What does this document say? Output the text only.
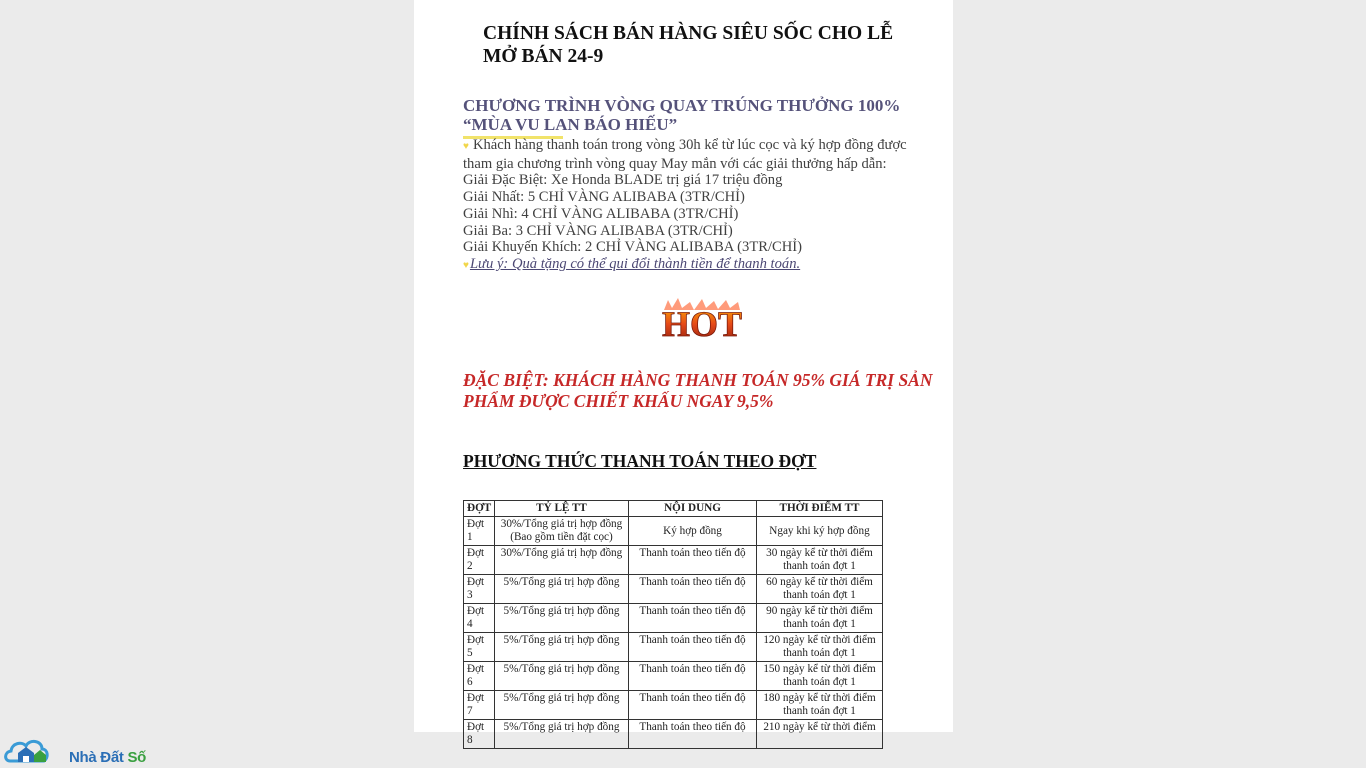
CHÍNH SÁCH BÁN HÀNG SIÊU SỐC CHO LỄ MỞ BÁN 24-9
CHƯƠNG TRÌNH VÒNG QUAY TRÚNG THƯỞNG 100% “MÙA VU LAN BÁO HIẾU”

♥ Khách hàng thanh toán trong vòng 30h kể từ lúc cọc và ký hợp đồng được tham gia chương trình vòng quay May mắn với các giải thưởng hấp dẫn:

Giải Đặc Biệt: Xe Honda BLADE trị giá 17 triệu đồng

Giải Nhất: 5 CHỈ VÀNG ALIBABA (3TR/CHỈ)

Giải Nhì: 4 CHỈ VÀNG ALIBABA (3TR/CHỈ)

Giải Ba: 3 CHỈ VÀNG ALIBABA (3TR/CHỈ)

Giải Khuyến Khích: 2 CHỈ VÀNG ALIBABA (3TR/CHỈ)

♥Lưu ý: Quà tặng có thể qui đổi thành tiền để thanh toán.

HOT
ĐẶC BIỆT: KHÁCH HÀNG THANH TOÁN 95% GIÁ TRỊ SẢN PHẨM ĐƯỢC CHIẾT KHẤU NGAY 9,5%
PHƯƠNG THỨC THANH TOÁN THEO ĐỢT
ĐỢT	TỶ LỆ TT	NỘI DUNG	THỜI ĐIỂM TT
Đợt 1	30%/Tổng giá trị hợp đồng (Bao gồm tiền đặt cọc)	Ký hợp đồng	Ngay khi ký hợp đồng
Đợt 2	30%/Tổng giá trị hợp đồng	Thanh toán theo tiến độ	30 ngày kể từ thời điểm thanh toán đợt 1
Đợt 3	5%/Tổng giá trị hợp đồng	Thanh toán theo tiến độ	60 ngày kể từ thời điểm thanh toán đợt 1
Đợt 4	5%/Tổng giá trị hợp đồng	Thanh toán theo tiến độ	90 ngày kể từ thời điểm thanh toán đợt 1
Đợt 5	5%/Tổng giá trị hợp đồng	Thanh toán theo tiến độ	120 ngày kể từ thời điểm thanh toán đợt 1
Đợt 6	5%/Tổng giá trị hợp đồng	Thanh toán theo tiến độ	150 ngày kể từ thời điểm thanh toán đợt 1
Đợt 7	5%/Tổng giá trị hợp đồng	Thanh toán theo tiến độ	180 ngày kể từ thời điểm thanh toán đợt 1
Đợt 8	5%/Tổng giá trị hợp đồng	Thanh toán theo tiến độ	210 ngày kể từ thời điểm
Nhà Đất Số
